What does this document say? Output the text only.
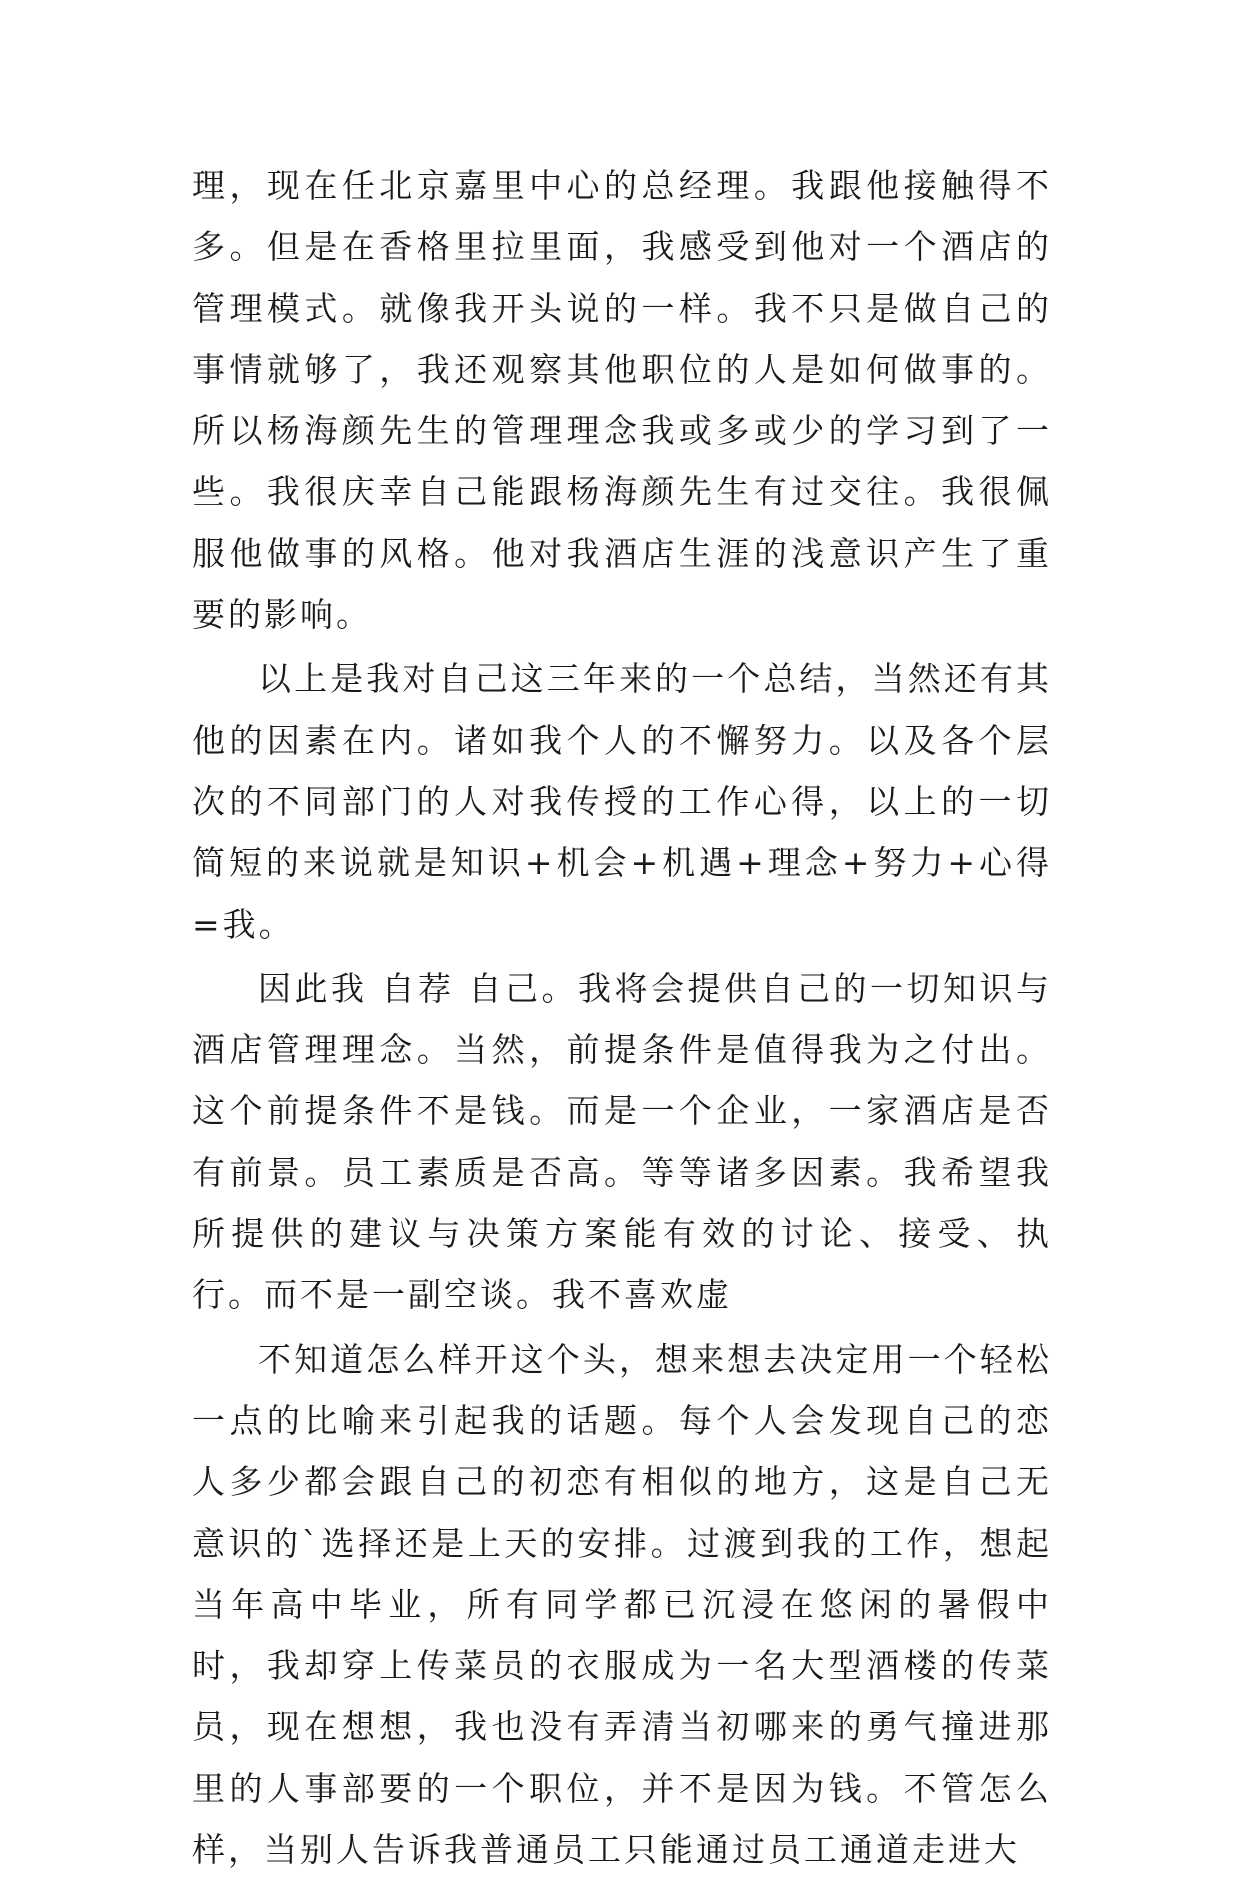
理，现在任北京嘉里中心的总经理。我跟他接触得不多。但是在香格里拉里面，我感受到他对一个酒店的管理模式。就像我开头说的一样。我不只是做自己的事情就够了，我还观察其他职位的人是如何做事的。所以杨海颜先生的管理理念我或多或少的学习到了一些。我很庆幸自己能跟杨海颜先生有过交往。我很佩服他做事的风格。他对我酒店生涯的浅意识产生了重要的影响。

以上是我对自己这三年来的一个总结，当然还有其他的因素在内。诸如我个人的不懈努力。以及各个层次的不同部门的人对我传授的工作心得，以上的一切简短的来说就是知识+机会+机遇+理念+努力+心得=我。

因此我 自荐 自己。我将会提供自己的一切知识与酒店管理理念。当然，前提条件是值得我为之付出。这个前提条件不是钱。而是一个企业，一家酒店是否有前景。员工素质是否高。等等诸多因素。我希望我所提供的建议与决策方案能有效的讨论、接受、执行。而不是一副空谈。我不喜欢虚

不知道怎么样开这个头，想来想去决定用一个轻松一点的比喻来引起我的话题。每个人会发现自己的恋人多少都会跟自己的初恋有相似的地方，这是自己无意识的`选择还是上天的安排。过渡到我的工作，想起当年高中毕业，所有同学都已沉浸在悠闲的暑假中时，我却穿上传菜员的衣服成为一名大型酒楼的传菜员，现在想想，我也没有弄清当初哪来的勇气撞进那里的人事部要的一个职位，并不是因为钱。不管怎么样，当别人告诉我普通员工只能通过员工通道走进大
